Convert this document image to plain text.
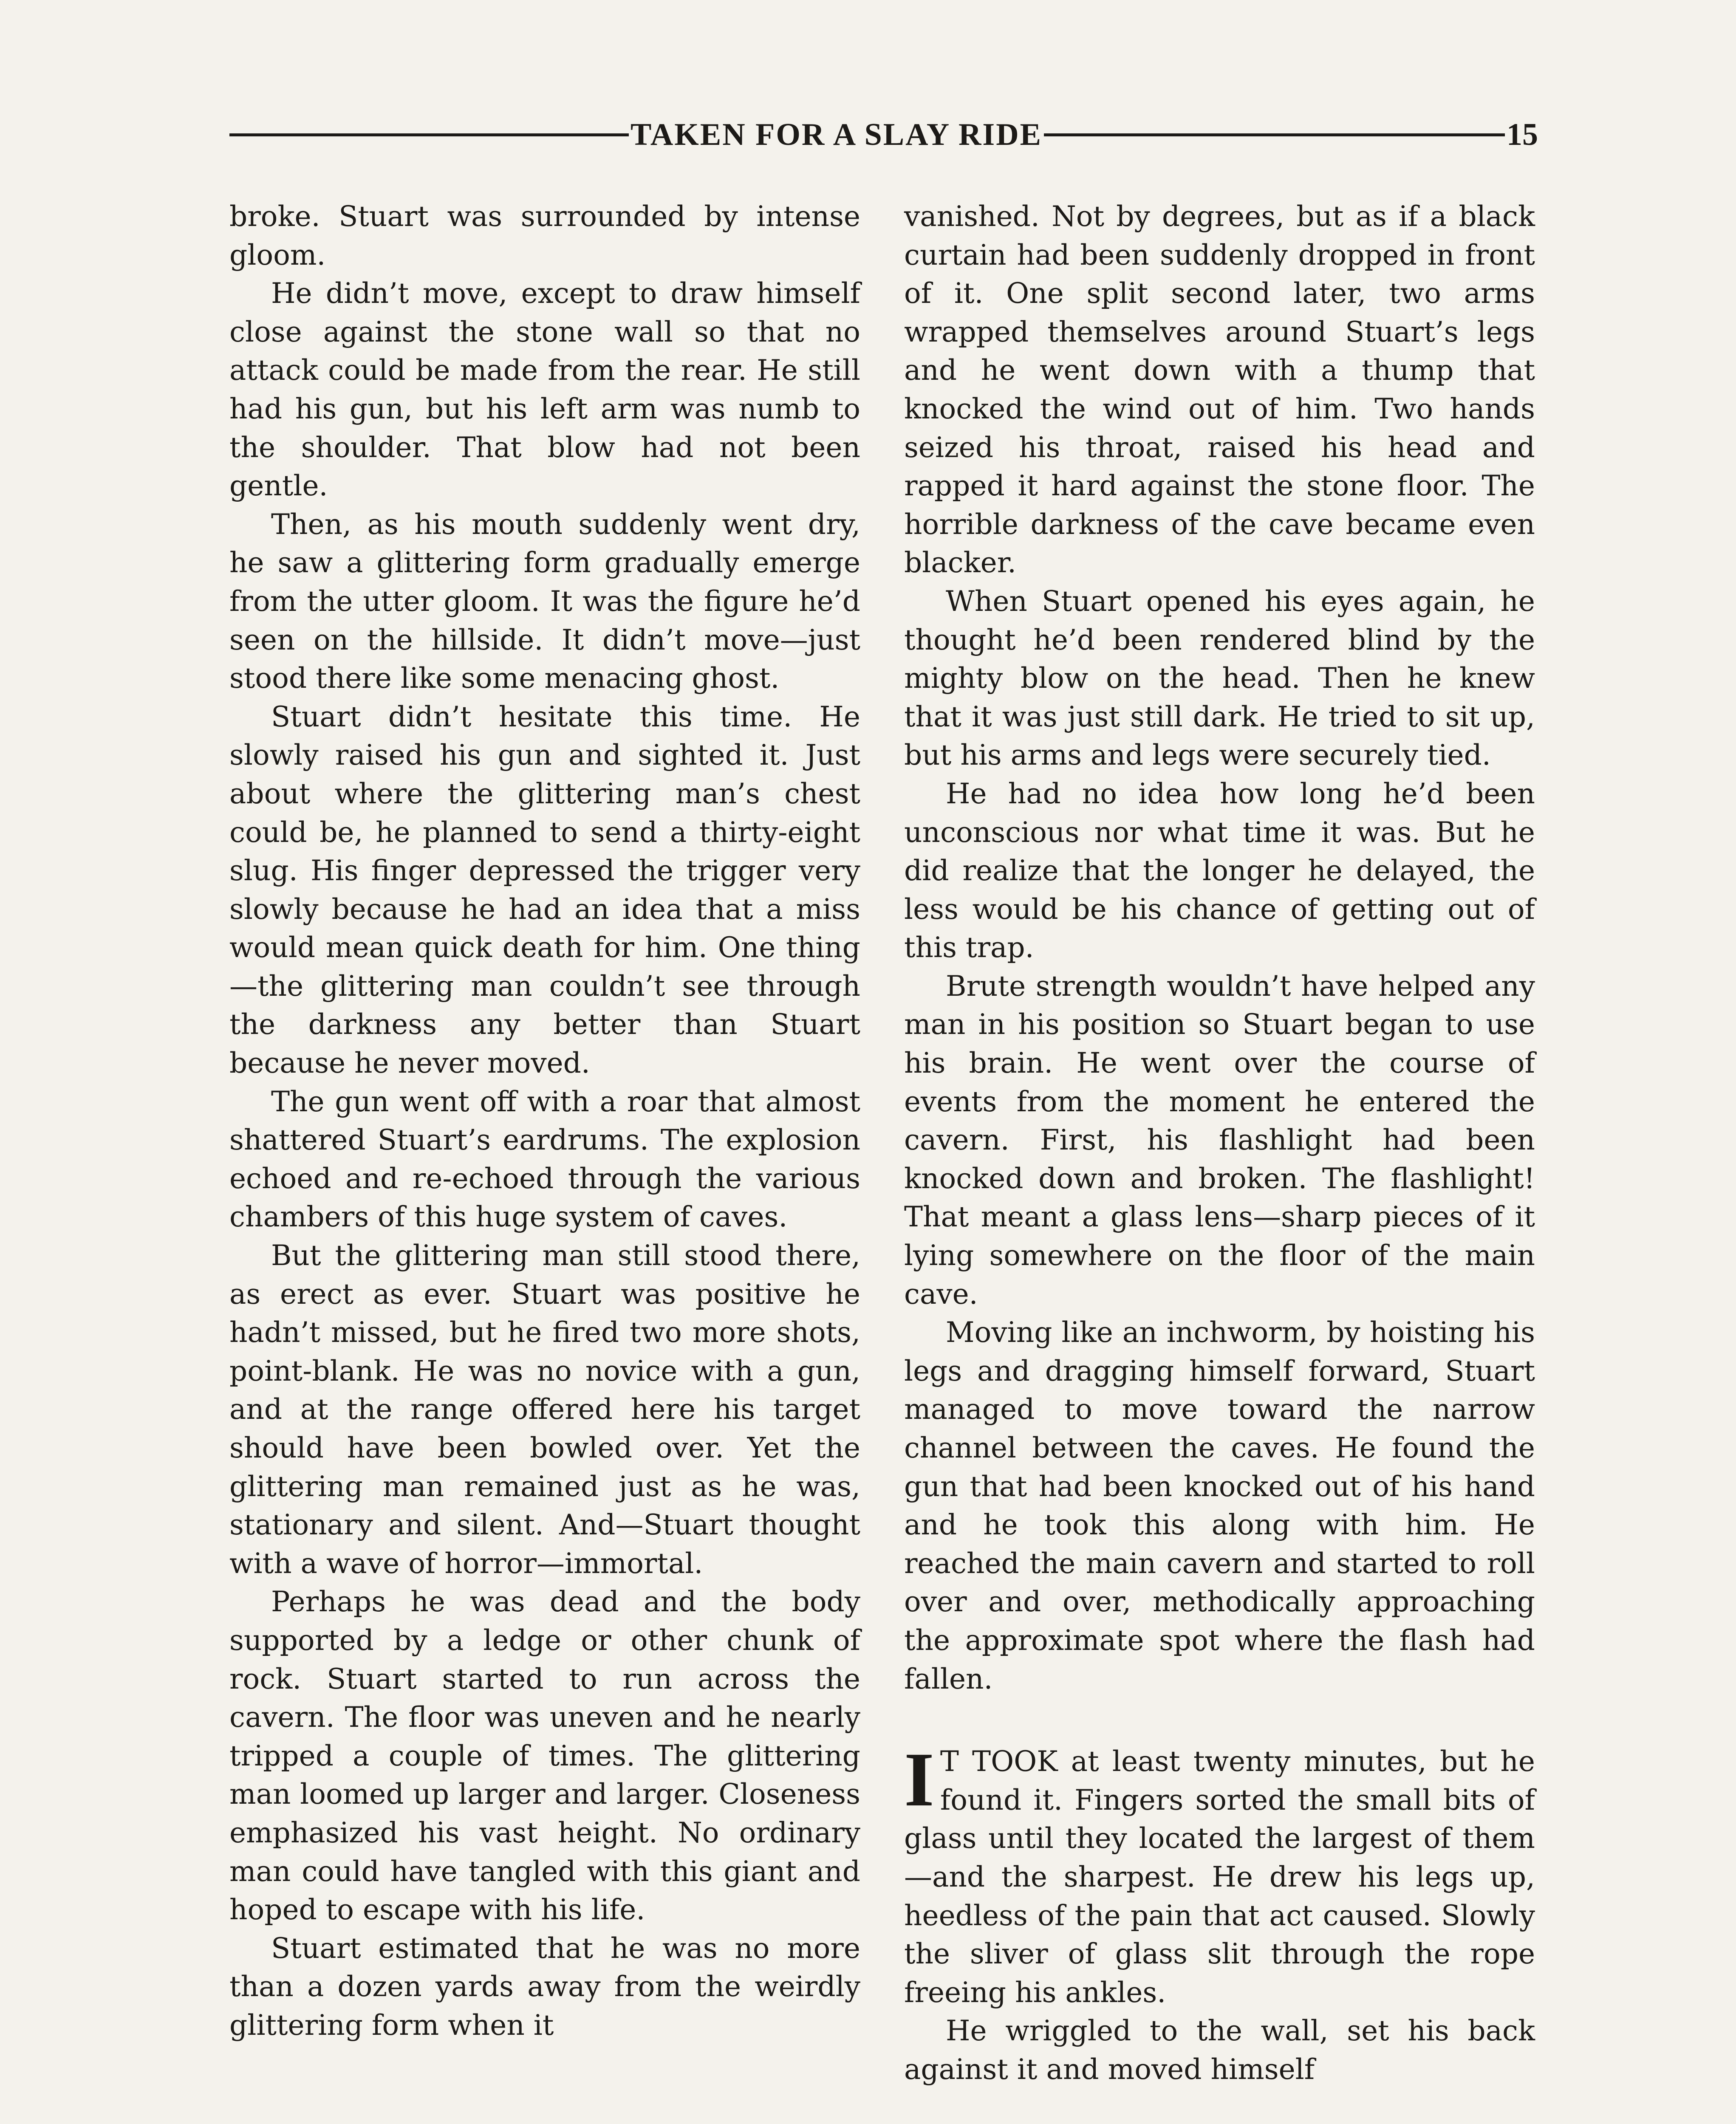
TAKEN FOR A SLAY RIDE	15

broke. Stuart was surrounded by intense gloom.

He didn’t move, except to draw himself close against the stone wall so that no attack could be made from the rear. He still had his gun, but his left arm was numb to the shoulder. That blow had not been gentle.

Then, as his mouth suddenly went dry, he saw a glittering form gradually emerge from the utter gloom. It was the figure he’d seen on the hillside. It didn’t move—just stood there like some menacing ghost.

Stuart didn’t hesitate this time. He slowly raised his gun and sighted it. Just about where the glittering man’s chest could be, he planned to send a thirty-eight slug. His finger depressed the trigger very slowly because he had an idea that a miss would mean quick death for him. One thing—the glittering man couldn’t see through the darkness any better than Stuart because he never moved.

The gun went off with a roar that almost shattered Stuart’s eardrums. The explosion echoed and re-echoed through the various chambers of this huge system of caves.

But the glittering man still stood there, as erect as ever. Stuart was positive he hadn’t missed, but he fired two more shots, point-blank. He was no novice with a gun, and at the range offered here his target should have been bowled over. Yet the glittering man remained just as he was, stationary and silent. And—Stuart thought with a wave of horror—immortal.

Perhaps he was dead and the body supported by a ledge or other chunk of rock. Stuart started to run across the cavern. The floor was uneven and he nearly tripped a couple of times. The glittering man loomed up larger and larger. Closeness emphasized his vast height. No ordinary man could have tangled with this giant and hoped to escape with his life.

Stuart estimated that he was no more than a dozen yards away from the weirdly glittering form when it

vanished. Not by degrees, but as if a black curtain had been suddenly dropped in front of it. One split second later, two arms wrapped themselves around Stuart’s legs and he went down with a thump that knocked the wind out of him. Two hands seized his throat, raised his head and rapped it hard against the stone floor. The horrible darkness of the cave became even blacker.

When Stuart opened his eyes again, he thought he’d been rendered blind by the mighty blow on the head. Then he knew that it was just still dark. He tried to sit up, but his arms and legs were securely tied.

He had no idea how long he’d been unconscious nor what time it was. But he did realize that the longer he delayed, the less would be his chance of getting out of this trap.

Brute strength wouldn’t have helped any man in his position so Stuart began to use his brain. He went over the course of events from the moment he entered the cavern. First, his flashlight had been knocked down and broken. The flashlight! That meant a glass lens—sharp pieces of it lying somewhere on the floor of the main cave.

Moving like an inchworm, by hoisting his legs and dragging himself forward, Stuart managed to move toward the narrow channel between the caves. He found the gun that had been knocked out of his hand and he took this along with him. He reached the main cavern and started to roll over and over, methodically approaching the approximate spot where the flash had fallen.

I T TOOK at least twenty minutes, but he found it. Fingers sorted the small bits of glass until they located the largest of them—and the sharpest. He drew his legs up, heedless of the pain that act caused. Slowly the sliver of glass slit through the rope freeing his ankles.

He wriggled to the wall, set his back against it and moved himself
